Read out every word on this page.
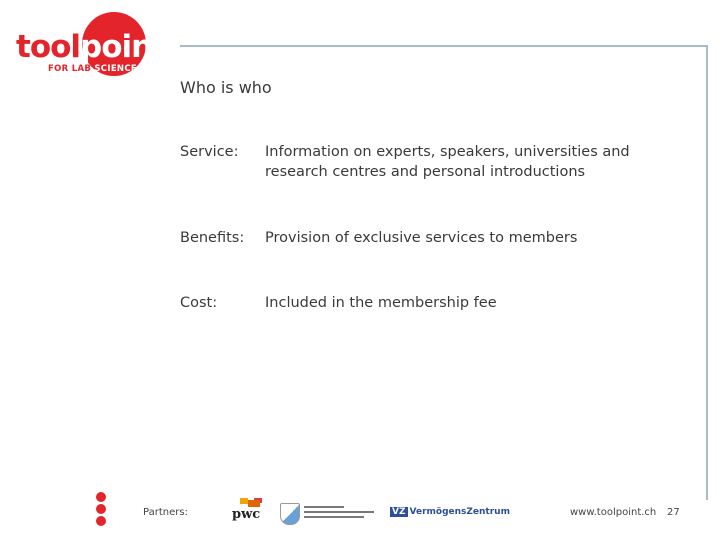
toolpoint
FOR LAB SCIENCE
Who is who
Service: Information on experts, speakers, universities and research centres and personal introductions
Benefits: Provision of exclusive services to members
Cost:	Included in the membership fee
Partners:	pwc	VZ VermögensZentrum	www.toolpoint.ch 27
